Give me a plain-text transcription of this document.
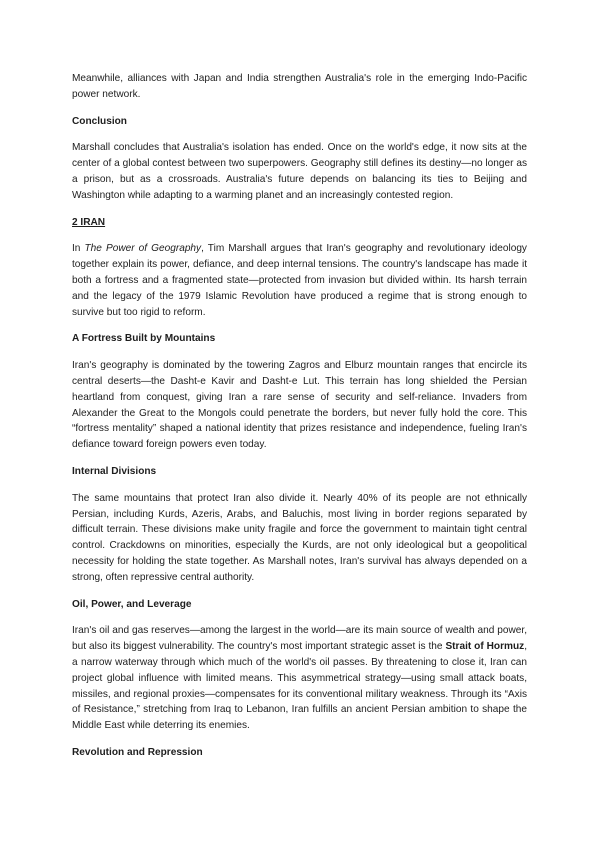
Meanwhile, alliances with Japan and India strengthen Australia's role in the emerging Indo-Pacific power network.

Conclusion

Marshall concludes that Australia's isolation has ended. Once on the world's edge, it now sits at the center of a global contest between two superpowers. Geography still defines its destiny—no longer as a prison, but as a crossroads. Australia's future depends on balancing its ties to Beijing and Washington while adapting to a warming planet and an increasingly contested region.

2 IRAN

In The Power of Geography, Tim Marshall argues that Iran's geography and revolutionary ideology together explain its power, defiance, and deep internal tensions. The country's landscape has made it both a fortress and a fragmented state—protected from invasion but divided within. Its harsh terrain and the legacy of the 1979 Islamic Revolution have produced a regime that is strong enough to survive but too rigid to reform.

A Fortress Built by Mountains

Iran's geography is dominated by the towering Zagros and Elburz mountain ranges that encircle its central deserts—the Dasht-e Kavir and Dasht-e Lut. This terrain has long shielded the Persian heartland from conquest, giving Iran a rare sense of security and self-reliance. Invaders from Alexander the Great to the Mongols could penetrate the borders, but never fully hold the core. This “fortress mentality” shaped a national identity that prizes resistance and independence, fueling Iran's defiance toward foreign powers even today.

Internal Divisions

The same mountains that protect Iran also divide it. Nearly 40% of its people are not ethnically Persian, including Kurds, Azeris, Arabs, and Baluchis, most living in border regions separated by difficult terrain. These divisions make unity fragile and force the government to maintain tight central control. Crackdowns on minorities, especially the Kurds, are not only ideological but a geopolitical necessity for holding the state together. As Marshall notes, Iran's survival has always depended on a strong, often repressive central authority.

Oil, Power, and Leverage

Iran's oil and gas reserves—among the largest in the world—are its main source of wealth and power, but also its biggest vulnerability. The country's most important strategic asset is the Strait of Hormuz, a narrow waterway through which much of the world's oil passes. By threatening to close it, Iran can project global influence with limited means. This asymmetrical strategy—using small attack boats, missiles, and regional proxies—compensates for its conventional military weakness. Through its “Axis of Resistance,” stretching from Iraq to Lebanon, Iran fulfills an ancient Persian ambition to shape the Middle East while deterring its enemies.

Revolution and Repression
